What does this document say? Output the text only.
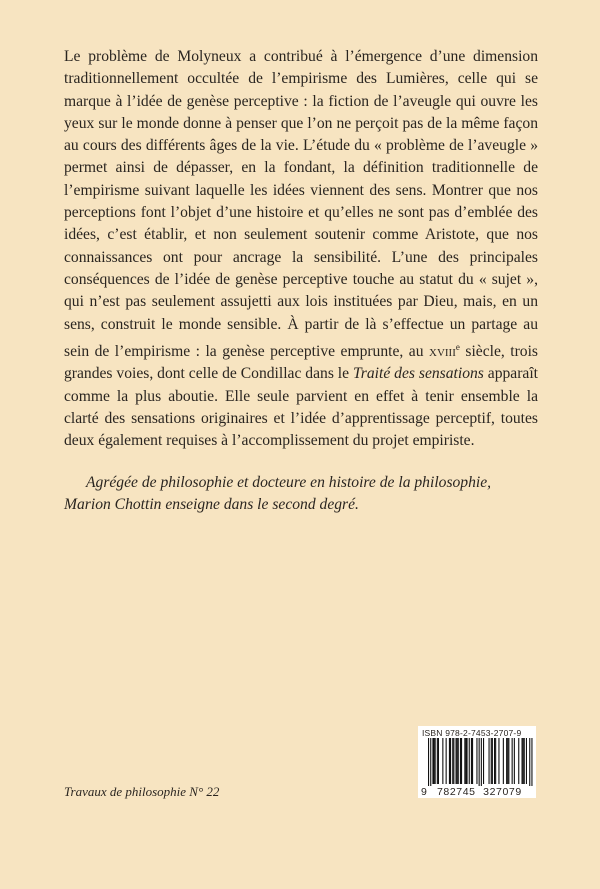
Le problème de Molyneux a contribué à l’émergence d’une dimension traditionnellement occultée de l’empirisme des Lumières, celle qui se marque à l’idée de genèse perceptive : la fiction de l’aveugle qui ouvre les yeux sur le monde donne à penser que l’on ne perçoit pas de la même façon au cours des différents âges de la vie. L’étude du « problème de l’aveugle » permet ainsi de dépasser, en la fondant, la définition traditionnelle de l’empirisme suivant laquelle les idées viennent des sens. Montrer que nos perceptions font l’objet d’une histoire et qu’elles ne sont pas d’emblée des idées, c’est établir, et non seulement soutenir comme Aristote, que nos connaissances ont pour ancrage la sensibilité. L’une des principales conséquences de l’idée de genèse perceptive touche au statut du « sujet », qui n’est pas seulement assujetti aux lois instituées par Dieu, mais, en un sens, construit le monde sensible. À partir de là s’effectue un partage au sein de l’empirisme : la genèse perceptive emprunte, au xviii$^e$ siècle, trois grandes voies, dont celle de Condillac dans le Traité des sensations apparaît comme la plus aboutie. Elle seule parvient en effet à tenir ensemble la clarté des sensations originaires et l’idée d’apprentissage perceptif, toutes deux également requises à l’accomplissement du projet empiriste.

Agrégée de philosophie et docteure en histoire de la philosophie, Marion Chottin enseigne dans le second degré.

Travaux de philosophie N° 22
ISBN 978-2-7453-2707-9
9 782745 327079
